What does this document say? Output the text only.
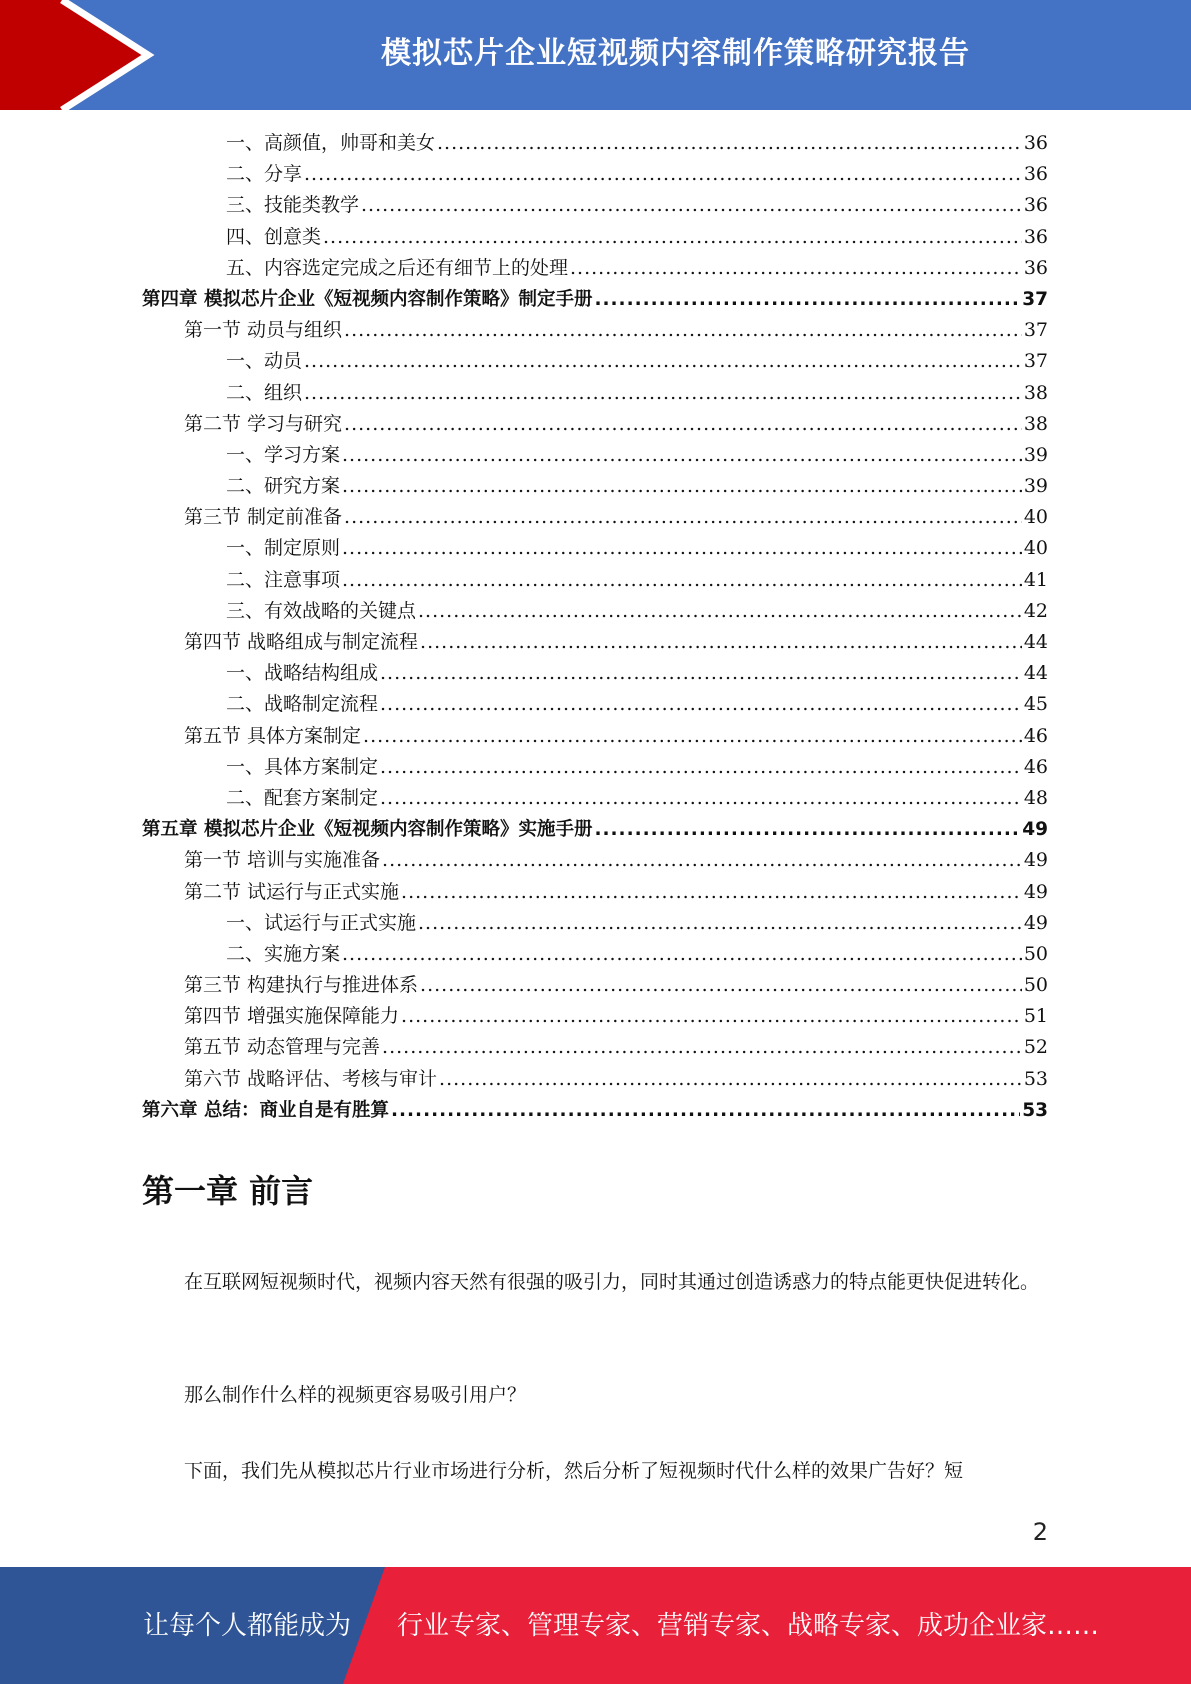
模拟芯片企业短视频内容制作策略研究报告
一、高颜值，帅哥和美女 .....	36
二、分享 .....	36
三、技能类教学 .....	36
四、创意类 .....	36
五、内容选定完成之后还有细节上的处理 .....	36
第四章 模拟芯片企业《短视频内容制作策略》制定手册 .....	37
第一节 动员与组织 .....	37
一、动员 .....	37
二、组织 .....	38
第二节 学习与研究 .....	38
一、学习方案 .....	39
二、研究方案 .....	39
第三节 制定前准备 .....	40
一、制定原则 .....	40
二、注意事项 .....	41
三、有效战略的关键点 .....	42
第四节 战略组成与制定流程 .....	44
一、战略结构组成 .....	44
二、战略制定流程 .....	45
第五节 具体方案制定 .....	46
一、具体方案制定 .....	46
二、配套方案制定 .....	48
第五章 模拟芯片企业《短视频内容制作策略》实施手册 .....	49
第一节 培训与实施准备 .....	49
第二节 试运行与正式实施 .....	49
一、试运行与正式实施 .....	49
二、实施方案 .....	50
第三节 构建执行与推进体系 .....	50
第四节 增强实施保障能力 .....	51
第五节 动态管理与完善 .....	52
第六节 战略评估、考核与审计 .....	53
第六章 总结：商业自是有胜算 .....	53
第一章 前言

在互联网短视频时代，视频内容天然有很强的吸引力，同时其通过创造诱惑力的特点能更快促进转化。

那么制作什么样的视频更容易吸引用户？

下面，我们先从模拟芯片行业市场进行分析，然后分析了短视频时代什么样的效果广告好？短

2
让每个人都能成为 行业专家、管理专家、营销专家、战略专家、成功企业家……
